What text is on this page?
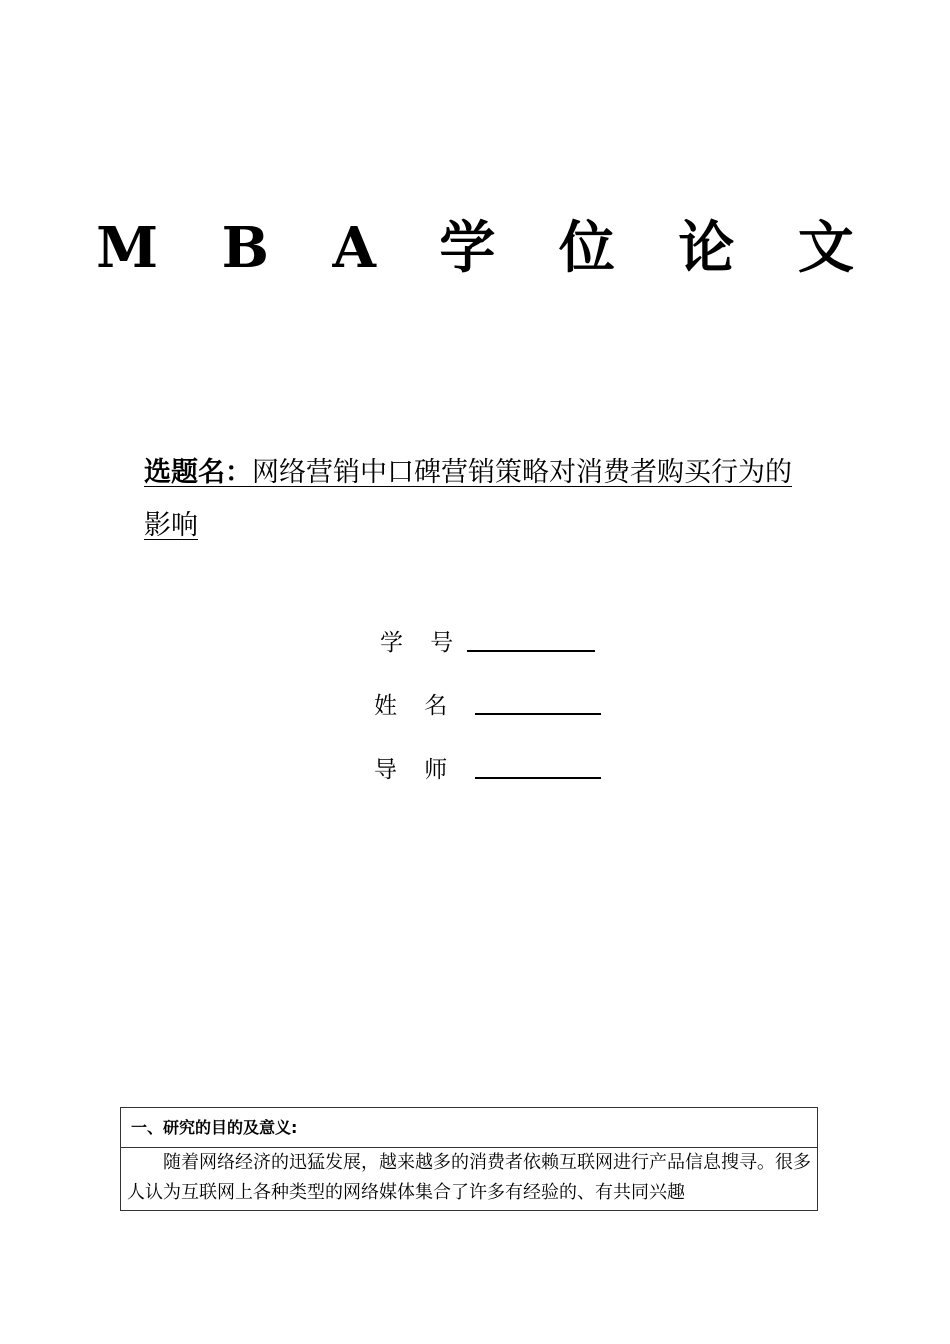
M B A 学 位 论 文
选题名：网络营销中口碑营销策略对消费者购买行为的影响
学 号
姓 名
导 师
一、研究的目的及意义:
随着网络经济的迅猛发展，越来越多的消费者依赖互联网进行产品信息搜寻。很多人认为互联网上各种类型的网络媒体集合了许多有经验的、有共同兴趣
